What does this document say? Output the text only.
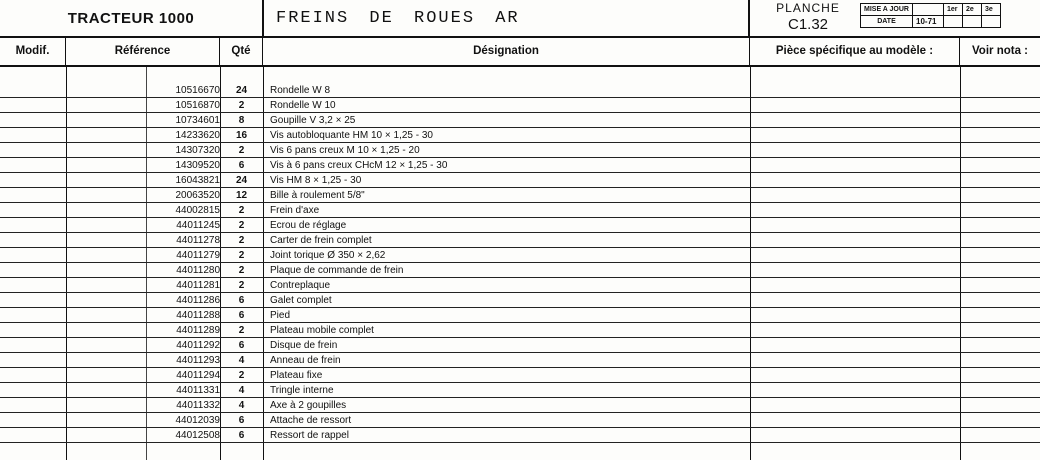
TRACTEUR 1000	FREINS DE ROUES AR
PLANCHE
C1.32
MISE A JOUR		1er	2e	3e
DATE	10-71			
Modif.	Référence	Qté	Désignation	Pièce spécifique au modèle :	Voir nota :
10516670	24	Rondelle W 8
10516870	2	Rondelle W 10
10734601	8	Goupille V 3,2 × 25
14233620	16	Vis autobloquante HM 10 × 1,25 - 30
14307320	2	Vis 6 pans creux M 10 × 1,25 - 20
14309520	6	Vis à 6 pans creux CHcM 12 × 1,25 - 30
16043821	24	Vis HM 8 × 1,25 - 30
20063520	12	Bille à roulement 5/8"
44002815	2	Frein d'axe
44011245	2	Ecrou de réglage
44011278	2	Carter de frein complet
44011279	2	Joint torique Ø 350 × 2,62
44011280	2	Plaque de commande de frein
44011281	2	Contreplaque
44011286	6	Galet complet
44011288	6	Pied
44011289	2	Plateau mobile complet
44011292	6	Disque de frein
44011293	4	Anneau de frein
44011294	2	Plateau fixe
44011331	4	Tringle interne
44011332	4	Axe à 2 goupilles
44012039	6	Attache de ressort
44012508	6	Ressort de rappel
